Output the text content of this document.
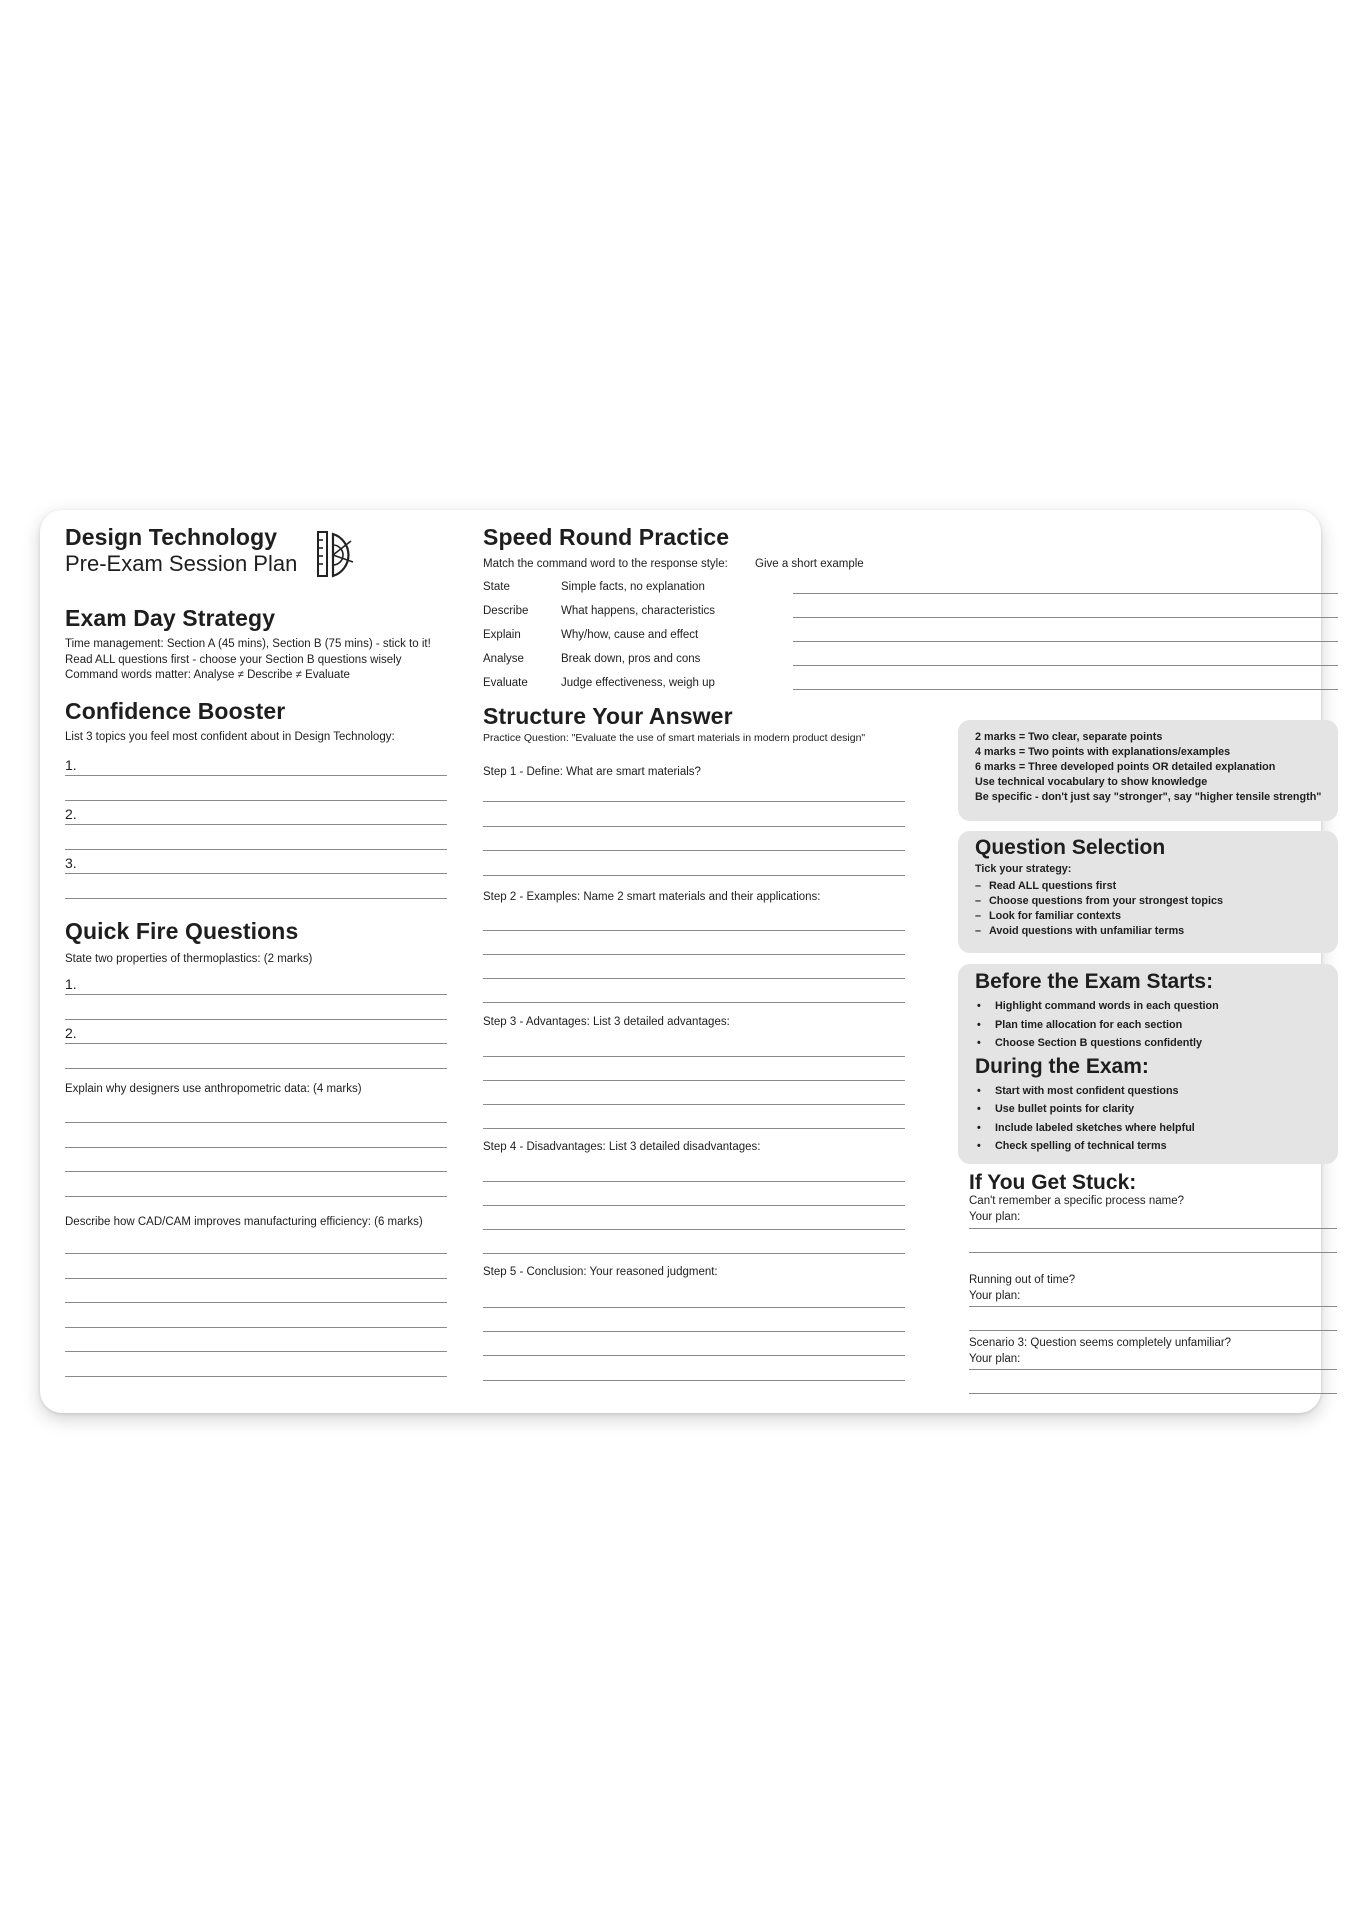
Design Technology
Pre-Exam Session Plan
Exam Day Strategy
Time management: Section A (45 mins), Section B (75 mins) - stick to it!
Read ALL questions first - choose your Section B questions wisely
Command words matter: Analyse ≠ Describe ≠ Evaluate
Confidence Booster
List 3 topics you feel most confident about in Design Technology:
1.
2.
3.
Quick Fire Questions
State two properties of thermoplastics: (2 marks)
1.
2.
Explain why designers use anthropometric data: (4 marks)
Describe how CAD/CAM improves manufacturing efficiency: (6 marks)
Speed Round Practice
Match the command word to the response style: Give a short example
State	Simple facts, no explanation
Describe	What happens, characteristics
Explain	Why/how, cause and effect
Analyse	Break down, pros and cons
Evaluate	Judge effectiveness, weigh up
Structure Your Answer
Practice Question: "Evaluate the use of smart materials in modern product design"
Step 1 - Define: What are smart materials?
Step 2 - Examples: Name 2 smart materials and their applications:
Step 3 - Advantages: List 3 detailed advantages:
Step 4 - Disadvantages: List 3 detailed disadvantages:
Step 5 - Conclusion: Your reasoned judgment:
2 marks = Two clear, separate points
4 marks = Two points with explanations/examples
6 marks = Three developed points OR detailed explanation
Use technical vocabulary to show knowledge
Be specific - don't just say "stronger", say "higher tensile strength"
Question Selection
Tick your strategy:
– Read ALL questions first
– Choose questions from your strongest topics
– Look for familiar contexts
– Avoid questions with unfamiliar terms
Before the Exam Starts:
• Highlight command words in each question
• Plan time allocation for each section
• Choose Section B questions confidently
During the Exam:
• Start with most confident questions
• Use bullet points for clarity
• Include labeled sketches where helpful
• Check spelling of technical terms
If You Get Stuck:
Can't remember a specific process name?
Your plan:
Running out of time?
Your plan:
Scenario 3: Question seems completely unfamiliar?
Your plan:
